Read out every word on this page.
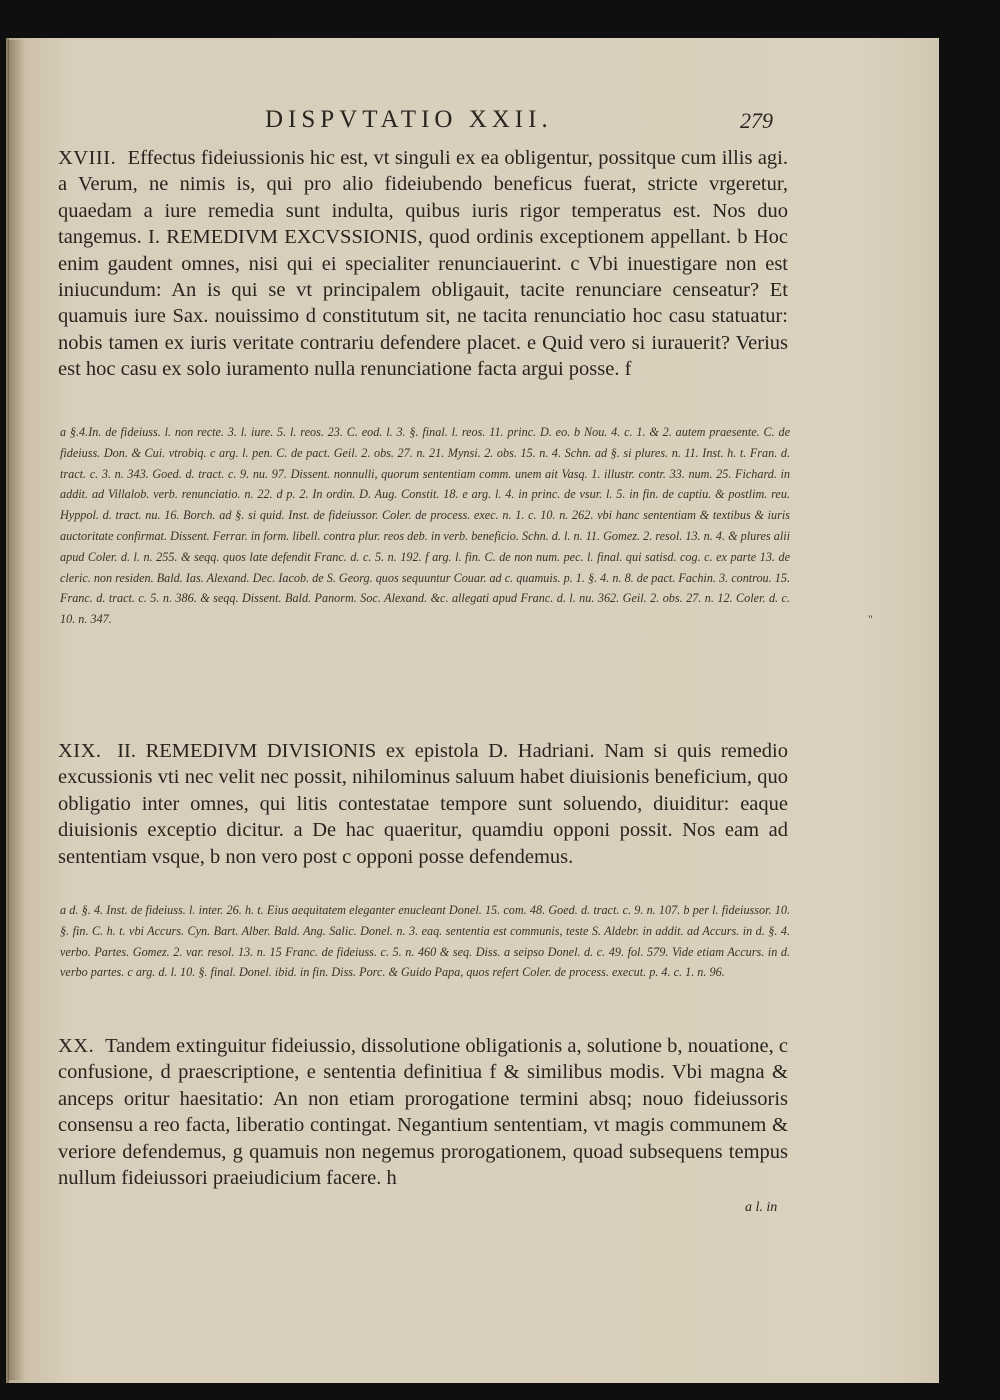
DISPVTATIO XXII.	279
XVIII. Effectus fideiussionis hic est, vt singuli ex ea obligentur, possitque cum illis agi. a Verum, ne nimis is, qui pro alio fideiubendo beneficus fuerat, stricte vrgeretur, quaedam a iure remedia sunt indulta, quibus iuris rigor temperatus est. Nos duo tangemus. I. REMEDIVM EXCVSSIONIS, quod ordinis exceptionem appellant. b Hoc enim gaudent omnes, nisi qui ei specialiter renunciauerint. c Vbi inuestigare non est iniucundum: An is qui se vt principalem obligauit, tacite renunciare censeatur? Et quamuis iure Sax. nouissimo d constitutum sit, ne tacita renunciatio hoc casu statuatur: nobis tamen ex iuris veritate contrariu defendere placet. e Quid vero si iurauerit? Verius est hoc casu ex solo iuramento nulla renunciatione facta argui posse. f
a §.4.In. de fideiuss. l. non recte. 3. l. iure. 5. l. reos. 23. C. eod. l. 3. §. final. l. reos. 11. princ. D. eo. b Nou. 4. c. 1. & 2. autem praesente. C. de fideiuss. Don. & Cui. vtrobiq. c arg. l. pen. C. de pact. Geil. 2. obs. 27. n. 21. Mynsi. 2. obs. 15. n. 4. Schn. ad §. si plures. n. 11. Inst. h. t. Fran. d. tract. c. 3. n. 343. Goed. d. tract. c. 9. nu. 97. Dissent. nonnulli, quorum sententiam comm. unem ait Vasq. 1. illustr. contr. 33. num. 25. Fichard. in addit. ad Villalob. verb. renunciatio. n. 22. d p. 2. In ordin. D. Aug. Constit. 18. e arg. l. 4. in princ. de vsur. l. 5. in fin. de captiu. & postlim. reu. Hyppol. d. tract. nu. 16. Borch. ad §. si quid. Inst. de fideiussor. Coler. de process. exec. n. 1. c. 10. n. 262. vbi hanc sententiam & textibus & iuris auctoritate confirmat. Dissent. Ferrar. in form. libell. contra plur. reos deb. in verb. beneficio. Schn. d. l. n. 11. Gomez. 2. resol. 13. n. 4. & plures alii apud Coler. d. l. n. 255. & seqq. quos late defendit Franc. d. c. 5. n. 192. f arg. l. fin. C. de non num. pec. l. final. qui satisd. cog. c. ex parte 13. de cleric. non residen. Bald. Ias. Alexand. Dec. Iacob. de S. Georg. quos sequuntur Couar. ad c. quamuis. p. 1. §. 4. n. 8. de pact. Fachin. 3. controu. 15. Franc. d. tract. c. 5. n. 386. & seqq. Dissent. Bald. Panorm. Soc. Alexand. &c. allegati apud Franc. d. l. nu. 362. Geil. 2. obs. 27. n. 12. Coler. d. c. 10. n. 347.
XIX. II. REMEDIVM DIVISIONIS ex epistola D. Hadriani. Nam si quis remedio excussionis vti nec velit nec possit, nihilominus saluum habet diuisionis beneficium, quo obligatio inter omnes, qui litis contestatae tempore sunt soluendo, diuiditur: eaque diuisionis exceptio dicitur. a De hac quaeritur, quamdiu opponi possit. Nos eam ad sententiam vsque, b non vero post c opponi posse defendemus.
a d. §. 4. Inst. de fideiuss. l. inter. 26. h. t. Eius aequitatem eleganter enucleant Donel. 15. com. 48. Goed. d. tract. c. 9. n. 107. b per l. fideiussor. 10. §. fin. C. h. t. vbi Accurs. Cyn. Bart. Alber. Bald. Ang. Salic. Donel. n. 3. eaq. sententia est communis, teste S. Aldebr. in addit. ad Accurs. in d. §. 4. verbo. Partes. Gomez. 2. var. resol. 13. n. 15 Franc. de fideiuss. c. 5. n. 460 & seq. Diss. a seipso Donel. d. c. 49. fol. 579. Vide etiam Accurs. in d. verbo partes. c arg. d. l. 10. §. final. Donel. ibid. in fin. Diss. Porc. & Guido Papa, quos refert Coler. de process. execut. p. 4. c. 1. n. 96.
XX. Tandem extinguitur fideiussio, dissolutione obligationis a, solutione b, nouatione, c confusione, d praescriptione, e sententia definitiua f & similibus modis. Vbi magna & anceps oritur haesitatio: An non etiam prorogatione termini absq; nouo fideiussoris consensu a reo facta, liberatio contingat. Negantium sententiam, vt magis communem & veriore defendemus, g quamuis non negemus prorogationem, quoad subsequens tempus nullum fideiussori praeiudicium facere. h
a l. in
"
